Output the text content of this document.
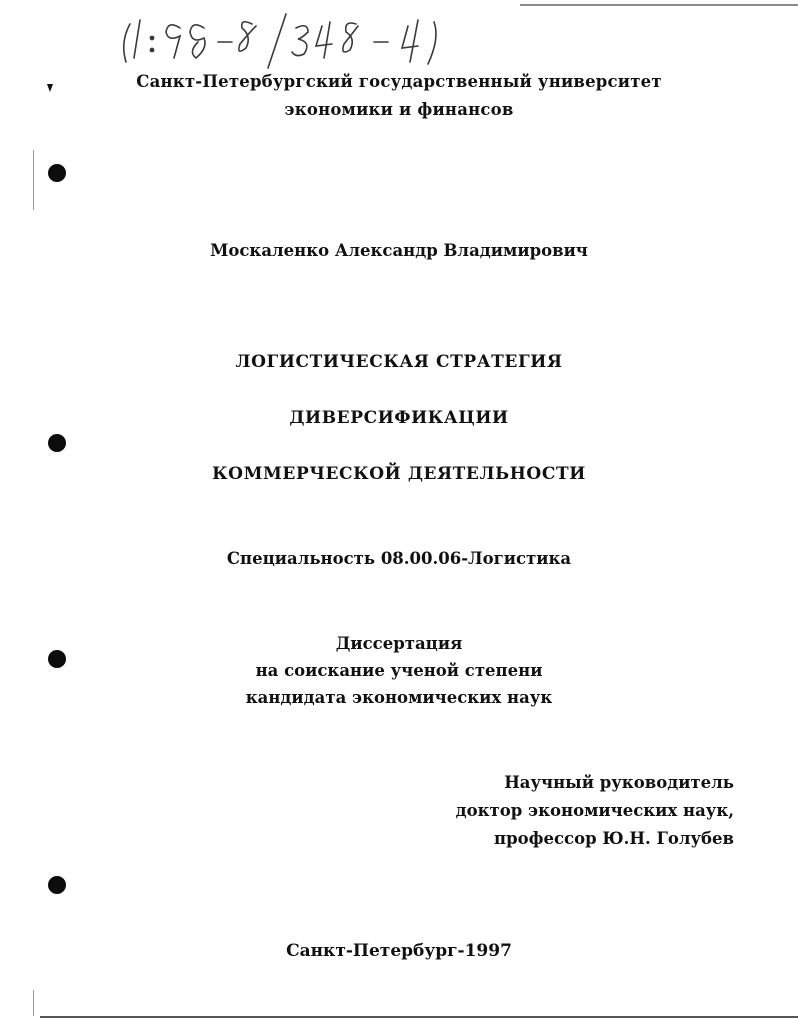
Санкт-Петербургский государственный университет
экономики и финансов
Москаленко Александр Владимирович
ЛОГИСТИЧЕСКАЯ СТРАТЕГИЯ
ДИВЕРСИФИКАЦИИ
КОММЕРЧЕСКОЙ ДЕЯТЕЛЬНОСТИ
Специальность 08.00.06-Логистика
Диссертация
на соискание ученой степени
кандидата экономических наук
Научный руководитель
доктор экономических наук,
профессор Ю.Н. Голубев
Санкт-Петербург-1997
